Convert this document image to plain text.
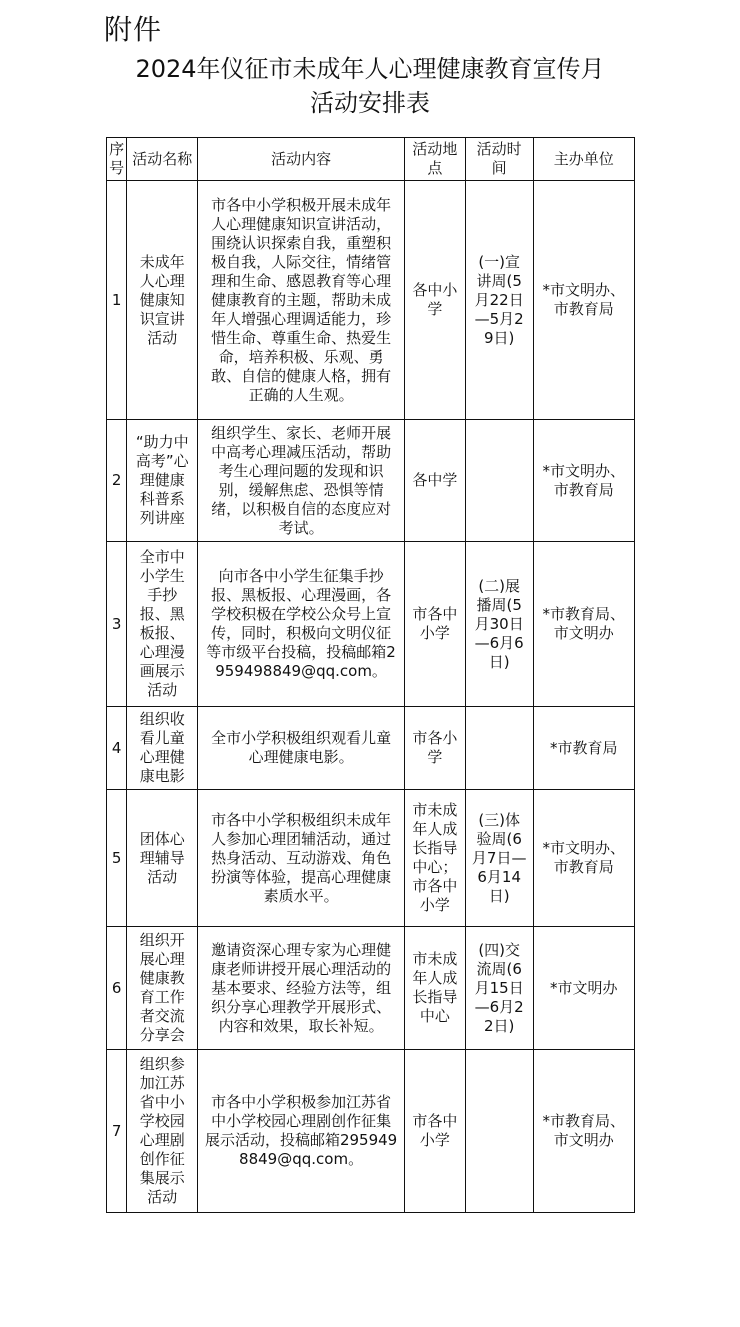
附件
2024年仪征市未成年人心理健康教育宣传月
活动安排表
序号	活动名称	活动内容	活动地点	活动时间	主办单位
1	未成年人心理健康知识宣讲活动	市各中小学积极开展未成年人心理健康知识宣讲活动，围绕认识探索自我，重塑积极自我，人际交往，情绪管理和生命、感恩教育等心理健康教育的主题，帮助未成年人增强心理调适能力，珍惜生命、尊重生命、热爱生命，培养积极、乐观、勇敢、自信的健康人格，拥有正确的人生观。	各中小学	(一)宣讲周(5月22日—5月29日)	*市文明办、市教育局
2	“助力中高考”心理健康科普系列讲座	组织学生、家长、老师开展中高考心理减压活动，帮助考生心理问题的发现和识别，缓解焦虑、恐惧等情绪，以积极自信的态度应对考试。	各中学		*市文明办、市教育局
3	全市中小学生手抄报、黑板报、心理漫画展示活动	向市各中小学生征集手抄报、黑板报、心理漫画，各学校积极在学校公众号上宣传，同时，积极向文明仪征等市级平台投稿，投稿邮箱2959498849@qq.com。	市各中小学	(二)展播周(5月30日—6月6日)	*市教育局、市文明办
4	组织收看儿童心理健康电影	全市小学积极组织观看儿童心理健康电影。	市各小学		*市教育局
5	团体心理辅导活动	市各中小学积极组织未成年人参加心理团辅活动，通过热身活动、互动游戏、角色扮演等体验，提高心理健康素质水平。	市未成年人成长指导中心；市各中小学	(三)体验周(6月7日—6月14日)	*市文明办、市教育局
6	组织开展心理健康教育工作者交流分享会	邀请资深心理专家为心理健康老师讲授开展心理活动的基本要求、经验方法等，组织分享心理教学开展形式、内容和效果，取长补短。	市未成年人成长指导中心	(四)交流周(6月15日—6月22日)	*市文明办
7	组织参加江苏省中小学校园心理剧创作征集展示活动	市各中小学积极参加江苏省中小学校园心理剧创作征集展示活动，投稿邮箱2959498849@qq.com。	市各中小学		*市教育局、市文明办
